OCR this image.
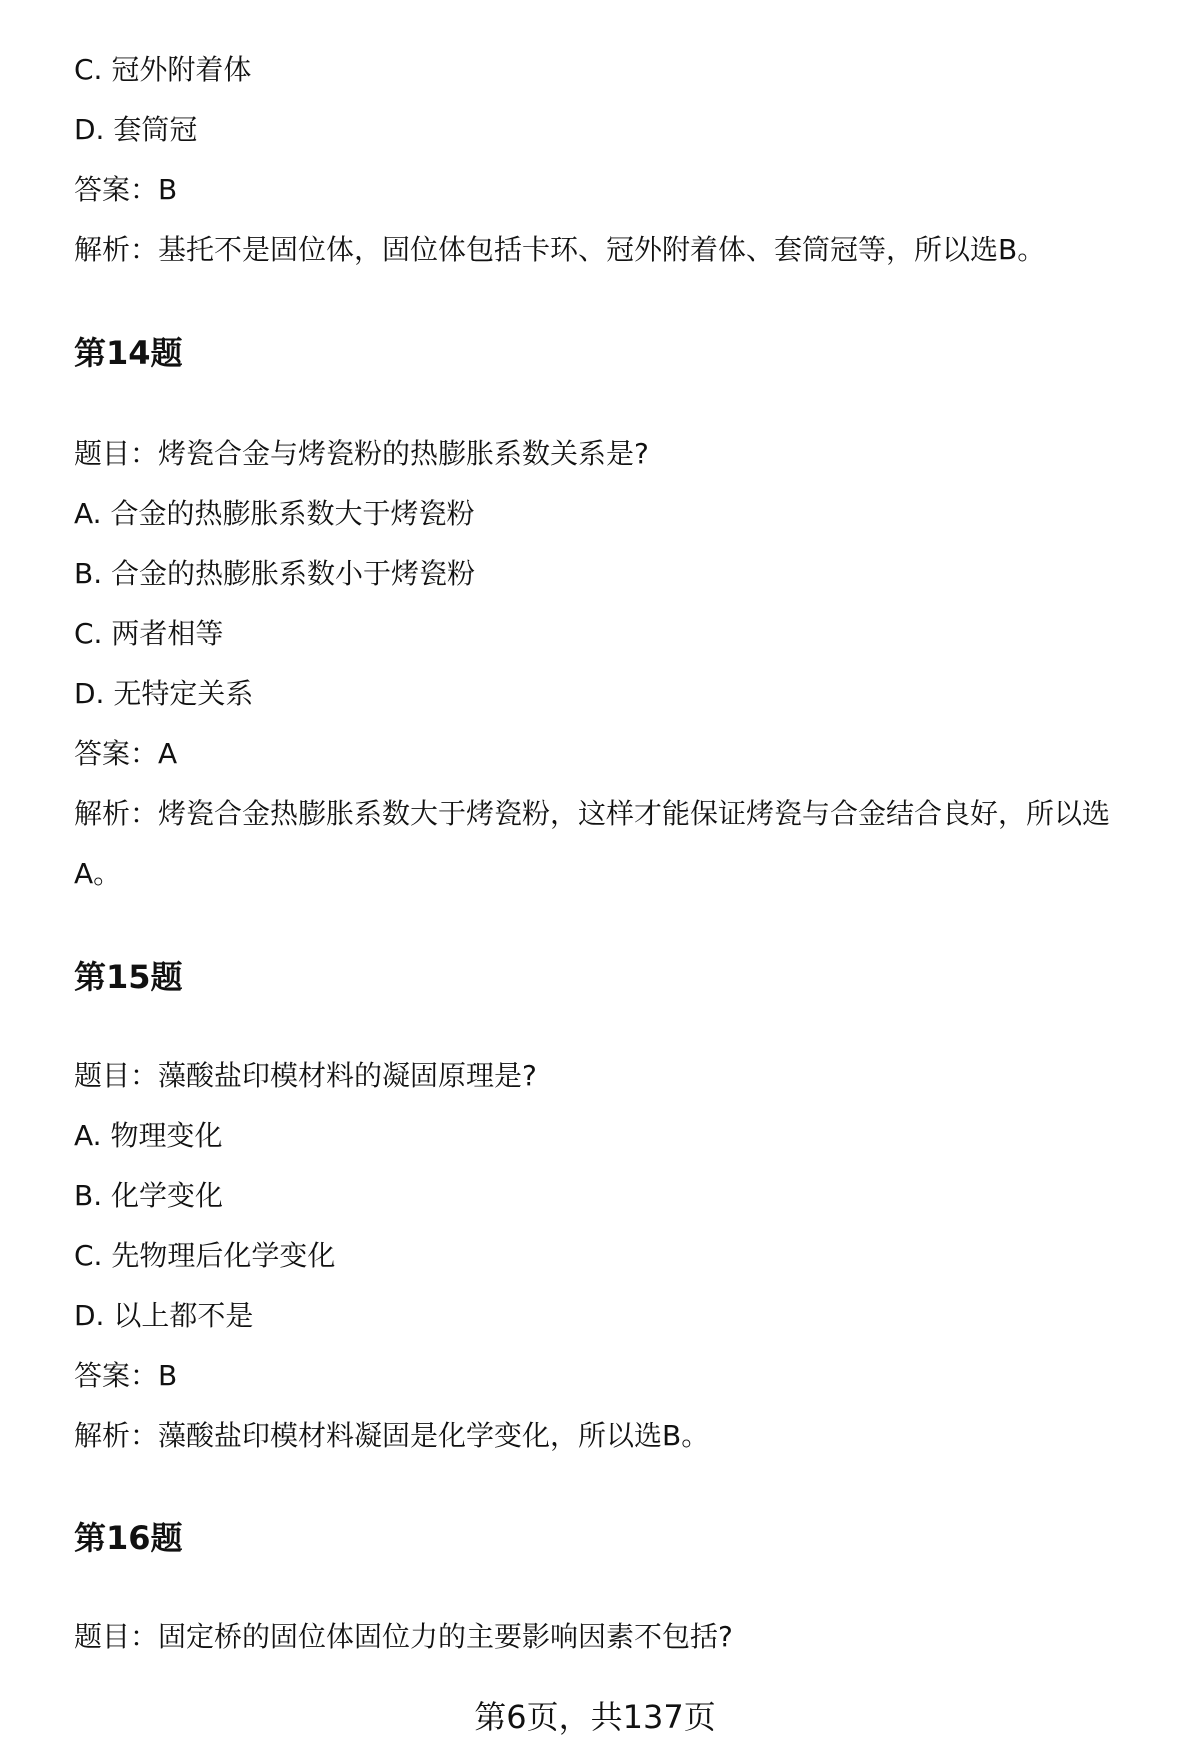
C. 冠外附着体
D. 套筒冠
答案：B
解析：基托不是固位体，固位体包括卡环、冠外附着体、套筒冠等，所以选B。
第14题
题目：烤瓷合金与烤瓷粉的热膨胀系数关系是?
A. 合金的热膨胀系数大于烤瓷粉
B. 合金的热膨胀系数小于烤瓷粉
C. 两者相等
D. 无特定关系
答案：A
解析：烤瓷合金热膨胀系数大于烤瓷粉，这样才能保证烤瓷与合金结合良好，所以选A。
第15题
题目：藻酸盐印模材料的凝固原理是?
A. 物理变化
B. 化学变化
C. 先物理后化学变化
D. 以上都不是
答案：B
解析：藻酸盐印模材料凝固是化学变化，所以选B。
第16题
题目：固定桥的固位体固位力的主要影响因素不包括?
第6页，共137页
